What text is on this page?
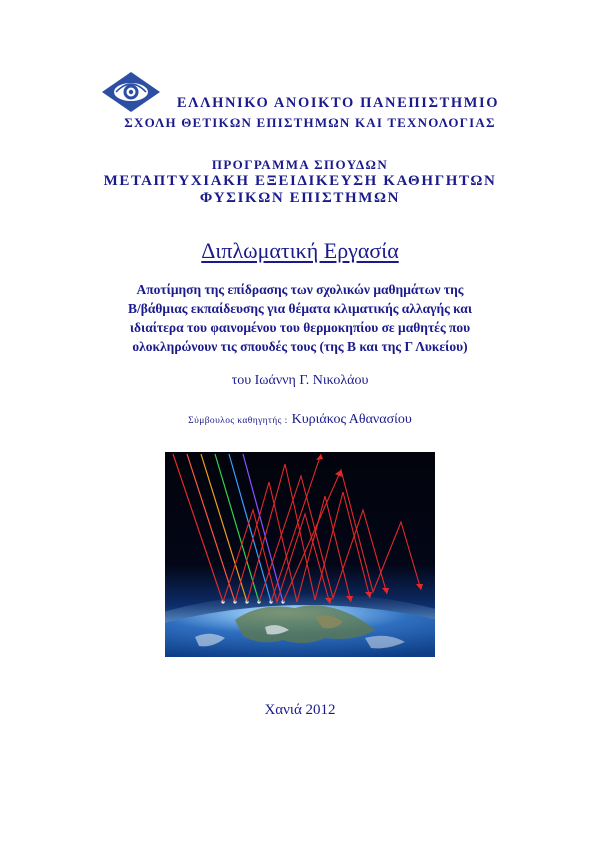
ΕΛΛΗΝΙΚΟ ΑΝΟΙΚΤΟ ΠΑΝΕΠΙΣΤΗΜΙΟ
ΣΧΟΛΗ ΘΕΤΙΚΩΝ ΕΠΙΣΤΗΜΩΝ ΚΑΙ ΤΕΧΝΟΛΟΓΙΑΣ
ΠΡΟΓΡΑΜΜΑ ΣΠΟΥΔΩΝ
ΜΕΤΑΠΤΥΧΙΑΚΗ ΕΞΕΙΔΙΚΕΥΣΗ ΚΑΘΗΓΗΤΩΝ
ΦΥΣΙΚΩΝ ΕΠΙΣΤΗΜΩΝ
Διπλωματική Εργασία
Αποτίμηση της επίδρασης των σχολικών μαθημάτων της
Β/βάθμιας εκπαίδευσης για θέματα κλιματικής αλλαγής και
ιδιαίτερα του φαινομένου του θερμοκηπίου σε μαθητές που
ολοκληρώνουν τις σπουδές τους (της Β και της Γ Λυκείου)
του Ιωάννη Γ. Νικολάου
Σύμβουλος καθηγητής : Κυριάκος Αθανασίου
Χανιά 2012
